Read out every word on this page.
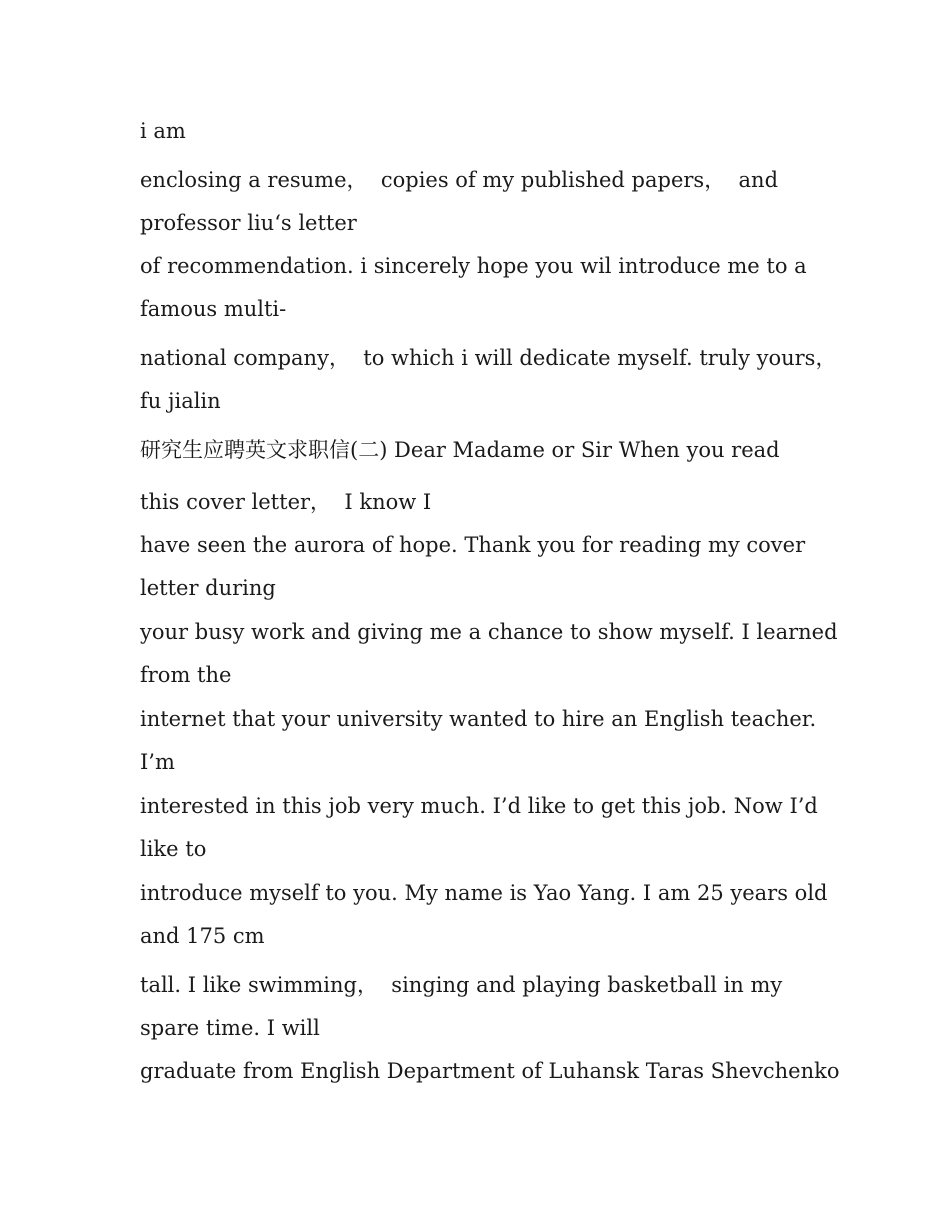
i am

enclosing a resume，  copies of my published papers，  and

professor liu‘s letter

of recommendation. i sincerely hope you wil introduce me to a

famous multi-

national company，  to which i will dedicate myself. truly yours，

fu jialin

研究生应聘英文求职信(二) Dear Madame or Sir When you read

this cover letter，  I know I

have seen the aurora of hope. Thank you for reading my cover

letter during

your busy work and giving me a chance to show myself. I learned

from the

internet that your university wanted to hire an English teacher.

I’m

interested in this job very much. I’d like to get this job. Now I’d

like to

introduce myself to you. My name is Yao Yang. I am 25 years old

and 175 cm

tall. I like swimming，  singing and playing basketball in my

spare time. I will

graduate from English Department of Luhansk Taras Shevchenko
